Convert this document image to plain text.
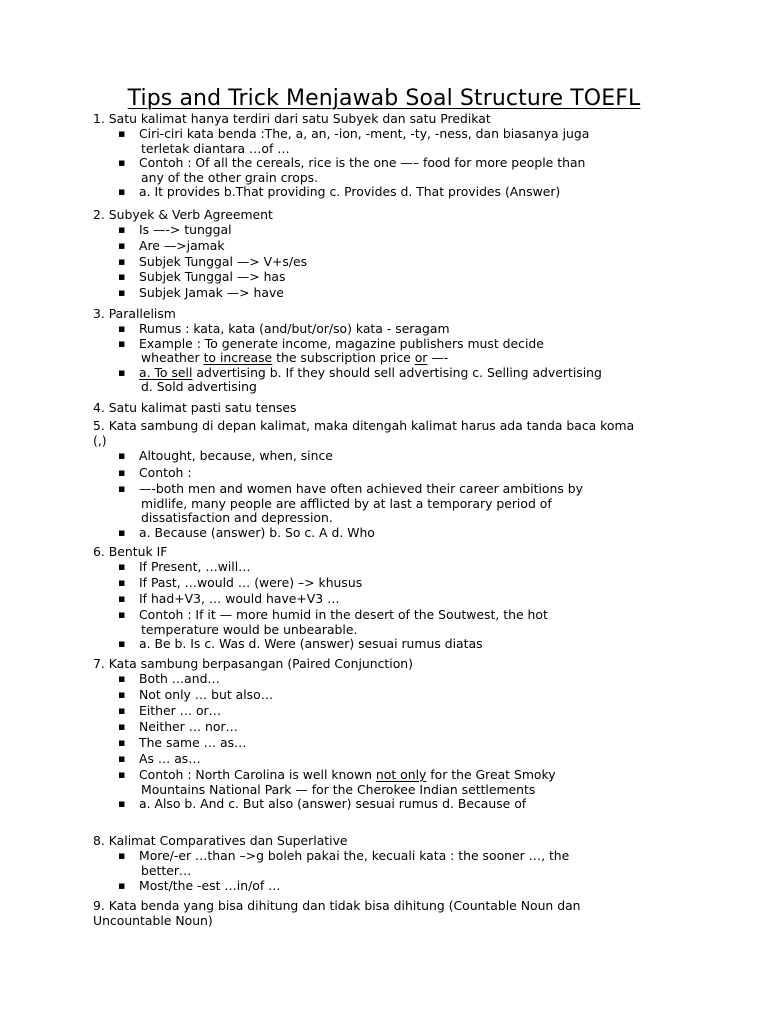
Tips and Trick Menjawab Soal Structure TOEFL
1. Satu kalimat hanya terdiri dari satu Subyek dan satu Predikat
▪ Ciri-ciri kata benda :The, a, an, -ion, -ment, -ty, -ness, dan biasanya juga
terletak diantara …of …
▪ Contoh : Of all the cereals, rice is the one —– food for more people than
any of the other grain crops.
▪ a. It provides b.That providing c. Provides d. That provides (Answer)
2. Subyek & Verb Agreement
▪ Is —-> tunggal
▪ Are —>jamak
▪ Subjek Tunggal —> V+s/es
▪ Subjek Tunggal —> has
▪ Subjek Jamak —> have
3. Parallelism
▪ Rumus : kata, kata (and/but/or/so) kata - seragam
▪ Example : To generate income, magazine publishers must decide
wheather to increase the subscription price or —-
▪ a. To sell advertising b. If they should sell advertising c. Selling advertising
d. Sold advertising
4. Satu kalimat pasti satu tenses
5. Kata sambung di depan kalimat, maka ditengah kalimat harus ada tanda baca koma
(,)
▪ Altought, because, when, since
▪ Contoh :
▪ —-both men and women have often achieved their career ambitions by
midlife, many people are afflicted by at last a temporary period of
dissatisfaction and depression.
▪ a. Because (answer) b. So c. A d. Who
6. Bentuk IF
▪ If Present, …will…
▪ If Past, …would … (were) –> khusus
▪ If had+V3, … would have+V3 …
▪ Contoh : If it — more humid in the desert of the Soutwest, the hot
temperature would be unbearable.
▪ a. Be b. Is c. Was d. Were (answer) sesuai rumus diatas
7. Kata sambung berpasangan (Paired Conjunction)
▪ Both …and…
▪ Not only … but also…
▪ Either … or…
▪ Neither … nor…
▪ The same … as…
▪ As … as…
▪ Contoh : North Carolina is well known not only for the Great Smoky
Mountains National Park — for the Cherokee Indian settlements
▪ a. Also b. And c. But also (answer) sesuai rumus d. Because of
8. Kalimat Comparatives dan Superlative
▪ More/-er …than –>g boleh pakai the, kecuali kata : the sooner …, the
better…
▪ Most/the -est …in/of …
9. Kata benda yang bisa dihitung dan tidak bisa dihitung (Countable Noun dan
Uncountable Noun)
